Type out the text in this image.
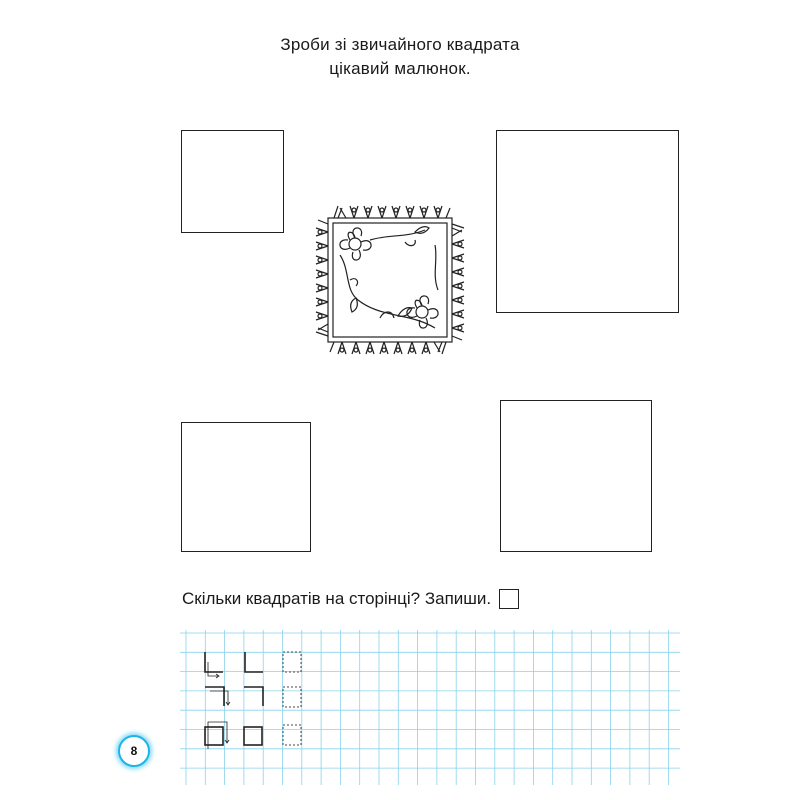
Зроби зі звичайного квадрата
цікавий малюнок.
Скільки квадратів на сторінці? Запиши.
8
